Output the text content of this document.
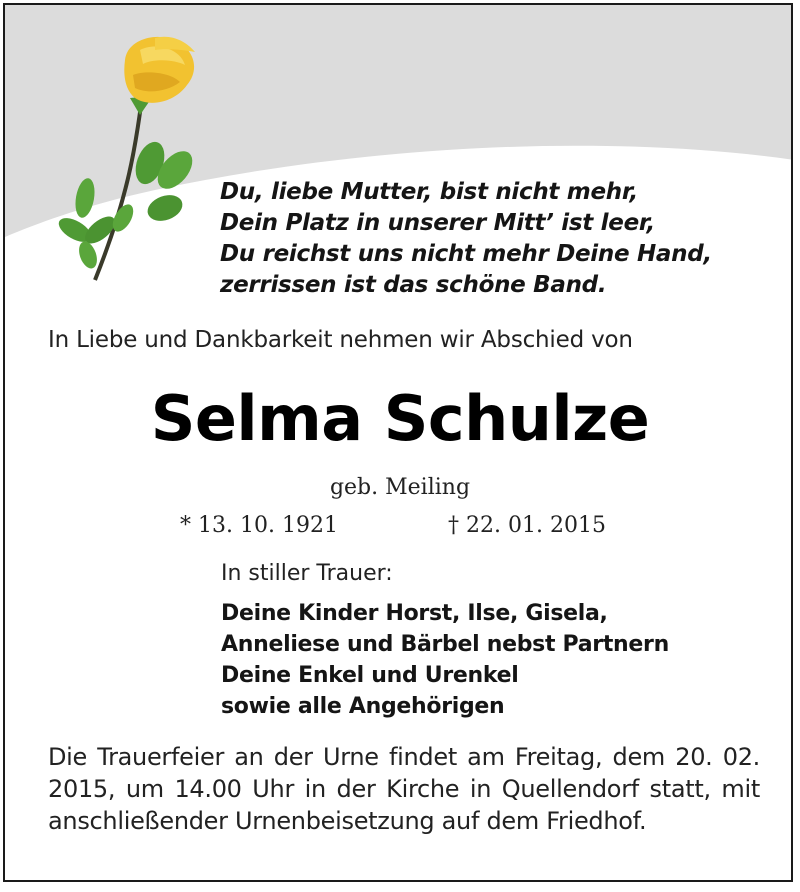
Du, liebe Mutter, bist nicht mehr,
Dein Platz in unserer Mitt’ ist leer,
Du reichst uns nicht mehr Deine Hand,
zerrissen ist das schöne Band.
In Liebe und Dankbarkeit nehmen wir Abschied von
Selma Schulze
geb. Meiling
* 13. 10. 1921	† 22. 01. 2015
In stiller Trauer:
Deine Kinder Horst, Ilse, Gisela,
Anneliese und Bärbel nebst Partnern
Deine Enkel und Urenkel
sowie alle Angehörigen
Die Trauerfeier an der Urne findet am Freitag, dem 20. 02. 2015, um 14.00 Uhr in der Kirche in Quellendorf statt, mit anschließender Urnenbeisetzung auf dem Friedhof.
